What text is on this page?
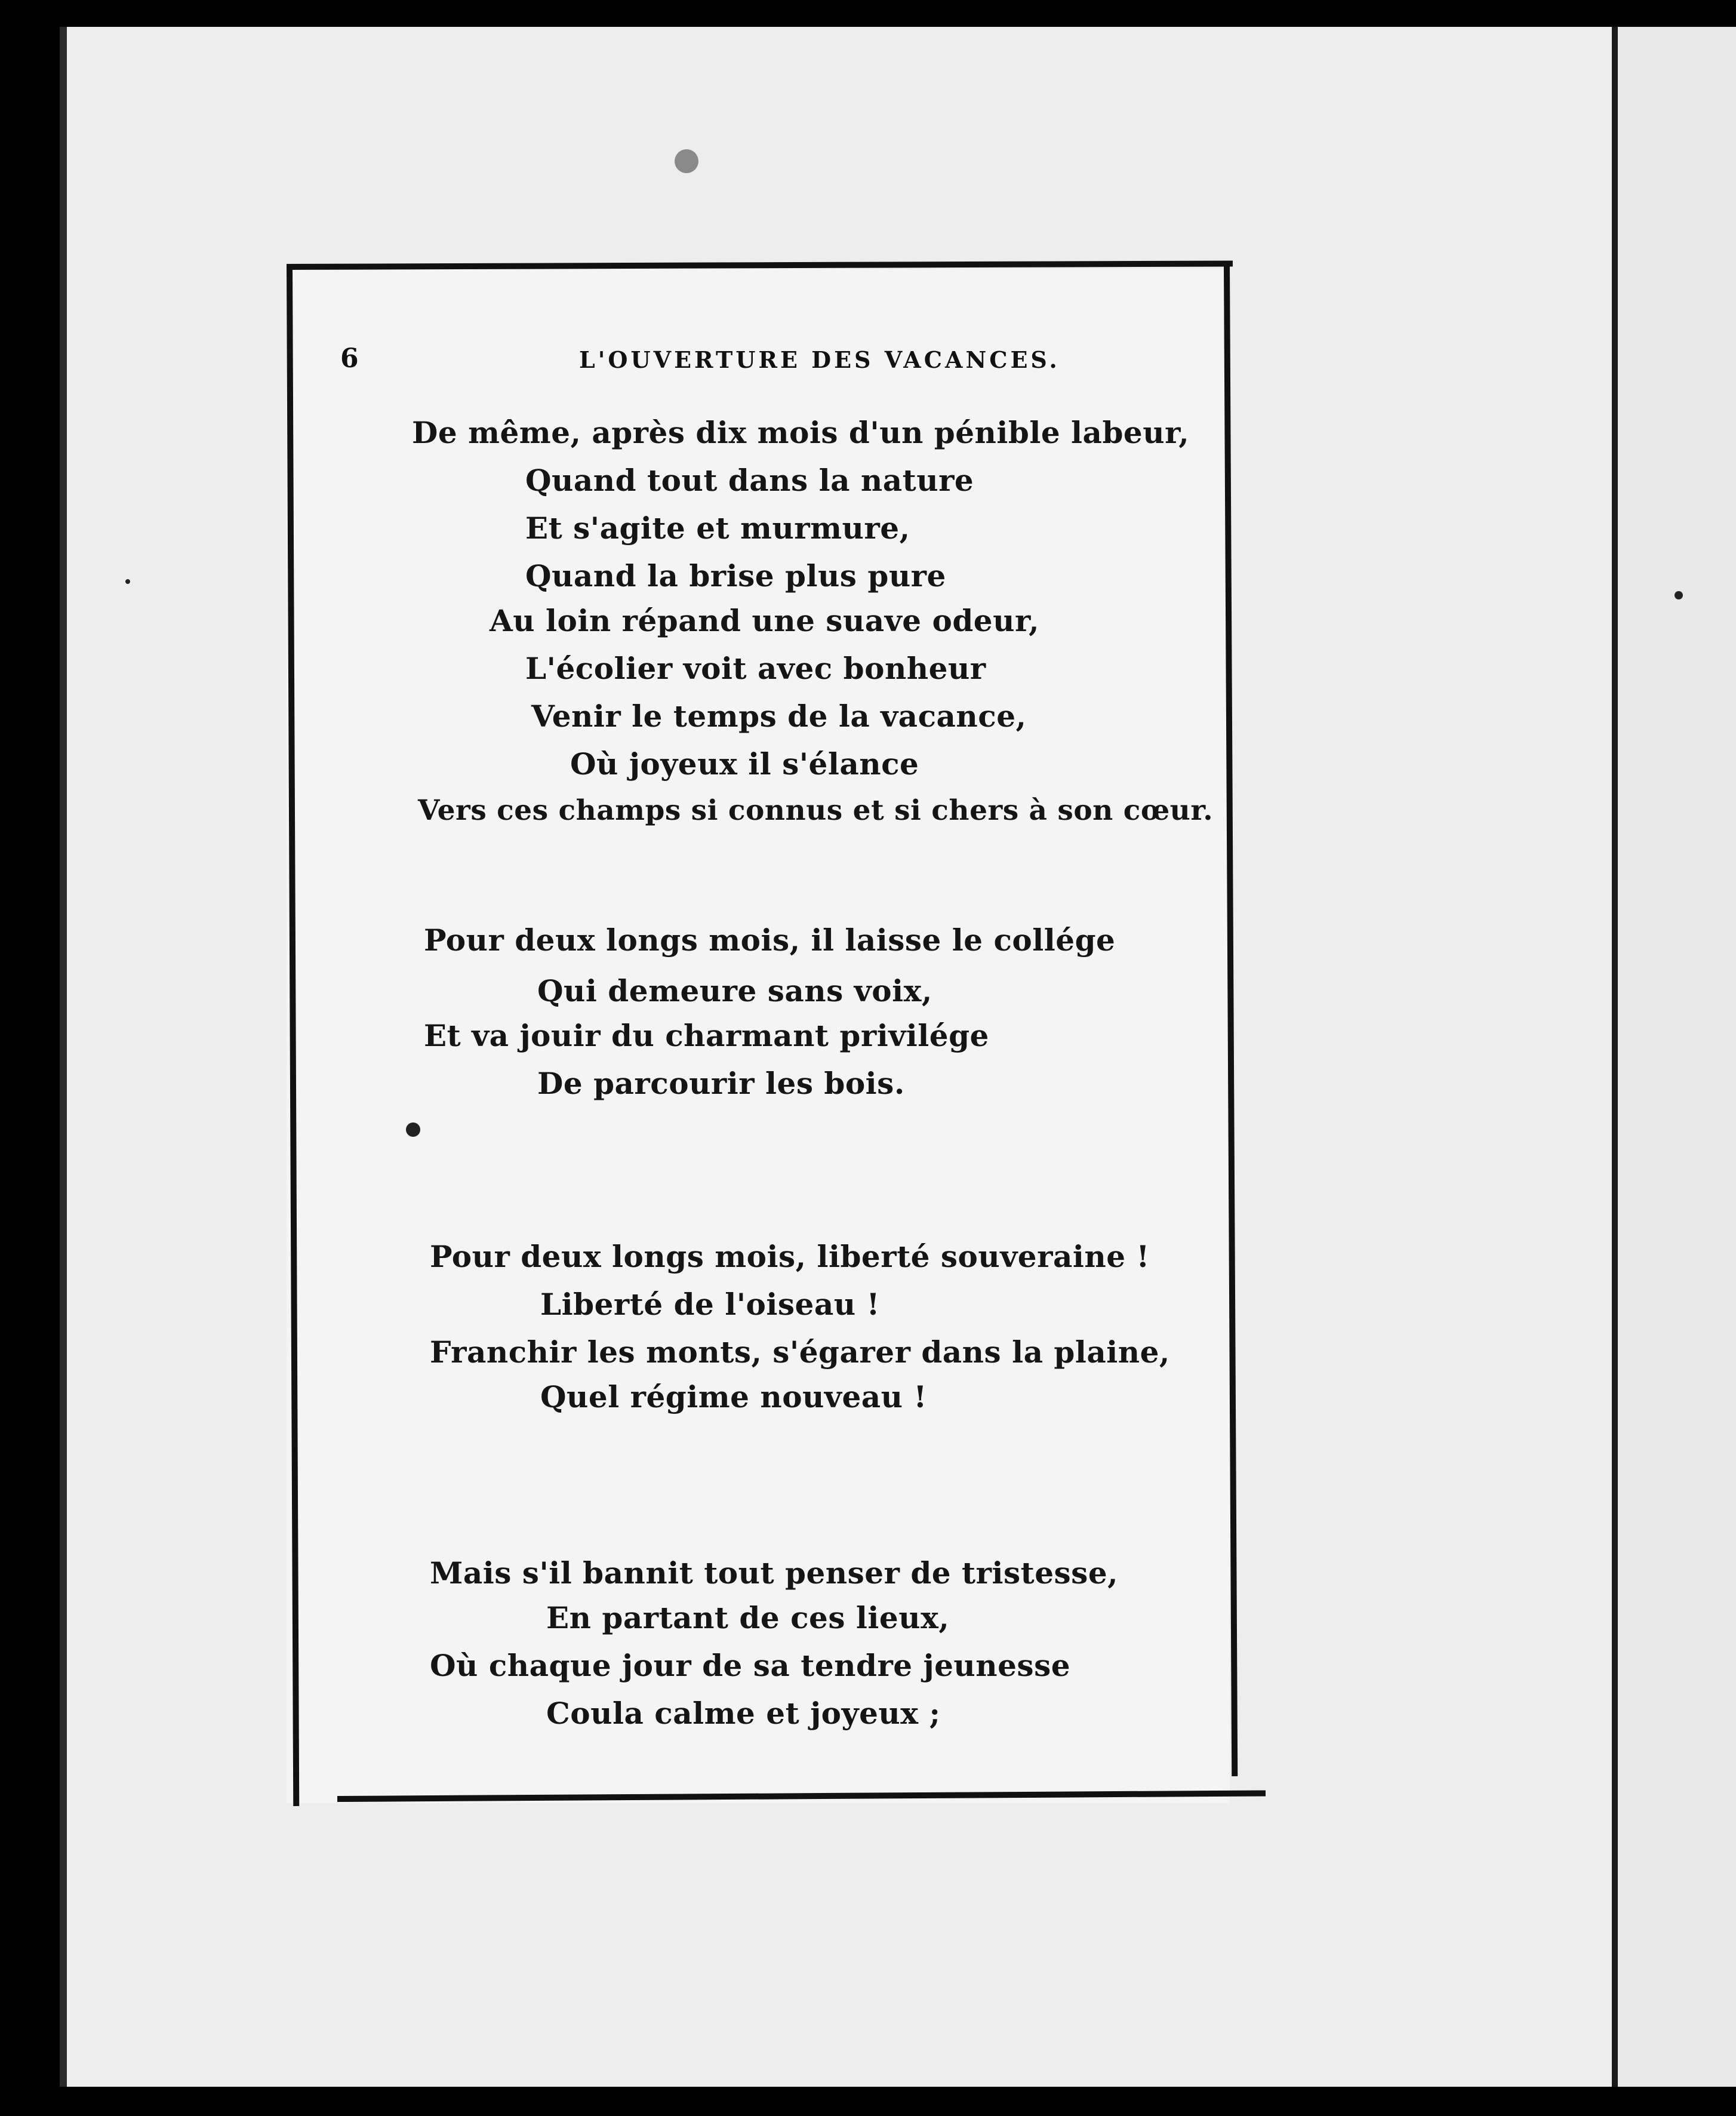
6	L'OUVERTURE DES VACANCES.
De même, après dix mois d'un pénible labeur,
Quand tout dans la nature
Et s'agite et murmure,
Quand la brise plus pure
Au loin répand une suave odeur,
L'écolier voit avec bonheur
Venir le temps de la vacance,
Où joyeux il s'élance
Vers ces champs si connus et si chers à son cœur.
Pour deux longs mois, il laisse le collége
Qui demeure sans voix,
Et va jouir du charmant privilége
De parcourir les bois.
Pour deux longs mois, liberté souveraine !
Liberté de l'oiseau !
Franchir les monts, s'égarer dans la plaine,
Quel régime nouveau !
Mais s'il bannit tout penser de tristesse,
En partant de ces lieux,
Où chaque jour de sa tendre jeunesse
Coula calme et joyeux ;
